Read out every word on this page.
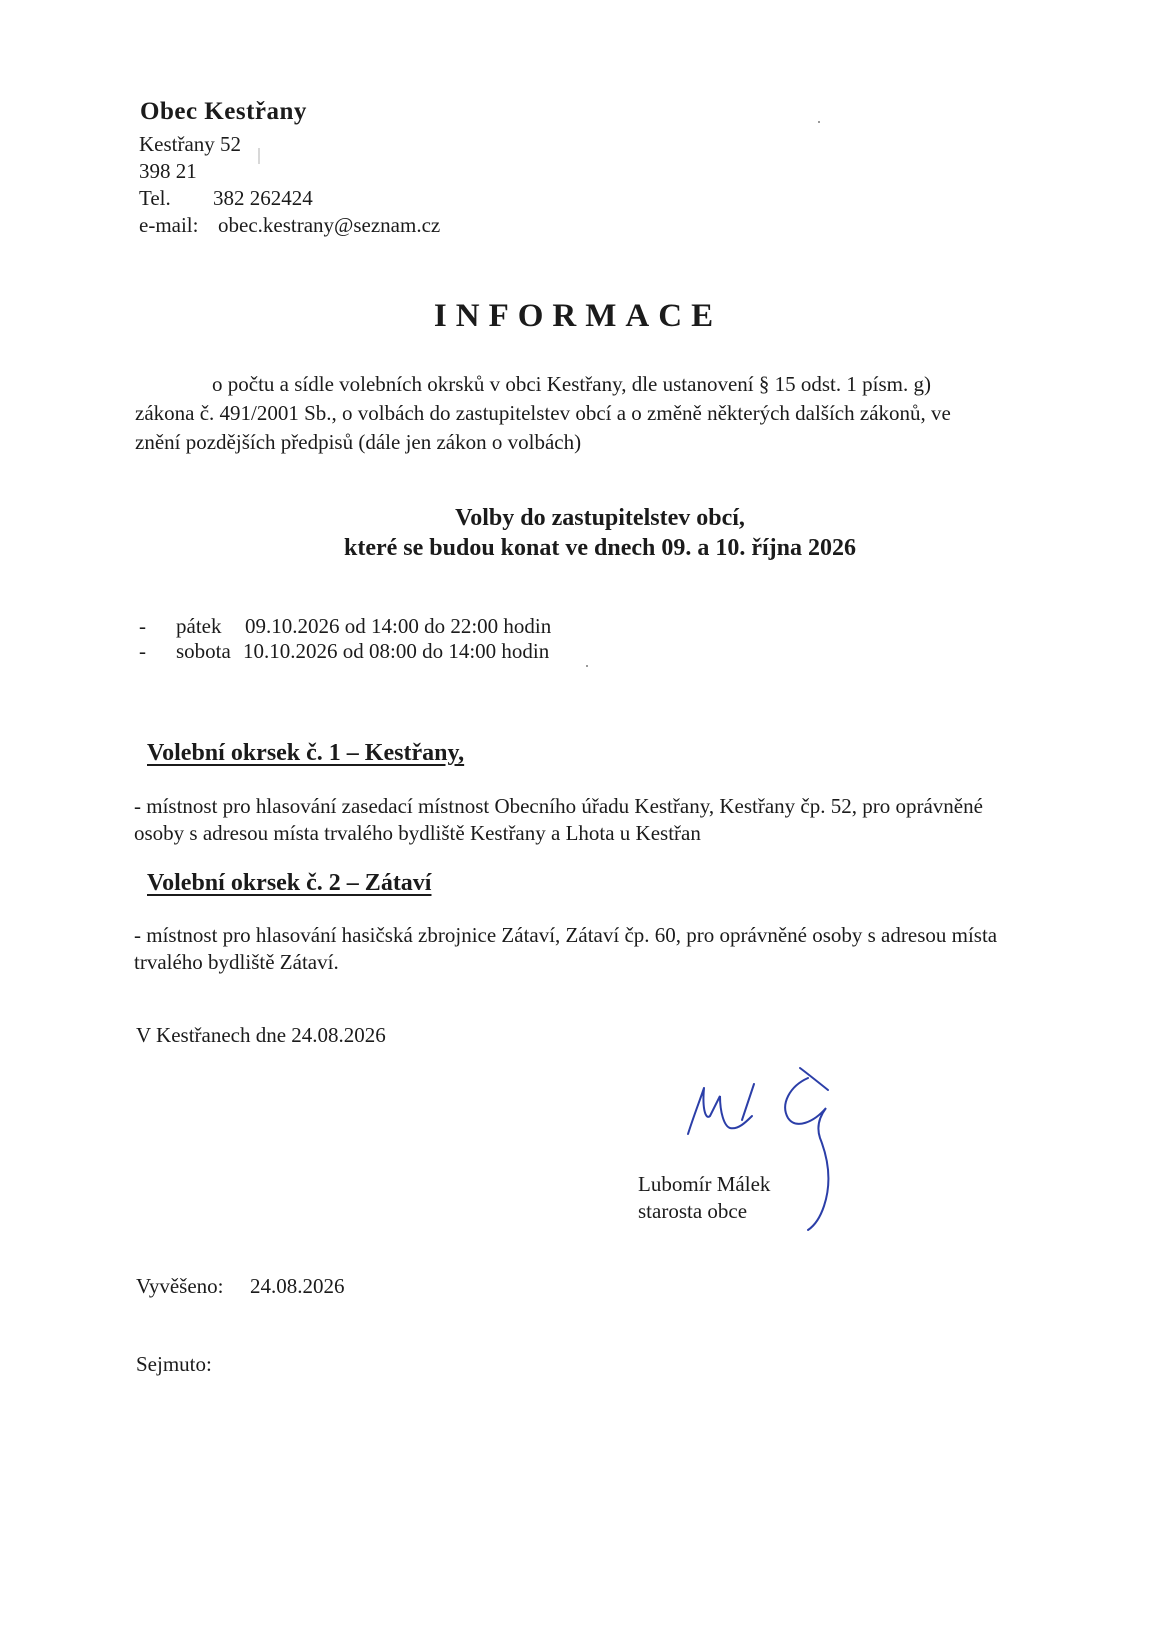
Obec Kestřany
Kestřany 52
398 21
Tel. 382 262424
e-mail: obec.kestrany@seznam.cz
INFORMACE
o počtu a sídle volebních okrsků v obci Kestřany, dle ustanovení § 15 odst. 1 písm. g)
zákona č. 491/2001 Sb., o volbách do zastupitelstev obcí a o změně některých dalších zákonů, ve
znění pozdějších předpisů (dále jen zákon o volbách)
Volby do zastupitelstev obcí,
které se budou konat ve dnech 09. a 10. října 2026
- pátek 09.10.2026 od 14:00 do 22:00 hodin
- sobota 10.10.2026 od 08:00 do 14:00 hodin
Volební okrsek č. 1 – Kestřany,
- místnost pro hlasování zasedací místnost Obecního úřadu Kestřany, Kestřany čp. 52, pro oprávněné osoby s adresou místa trvalého bydliště Kestřany a Lhota u Kestřan
Volební okrsek č. 2 – Zátaví
- místnost pro hlasování hasičská zbrojnice Zátaví, Zátaví čp. 60, pro oprávněné osoby s adresou místa trvalého bydliště Zátaví.
V Kestřanech dne 24.08.2026
Lubomír Málek
starosta obce
Vyvěšeno: 24.08.2026
Sejmuto:
